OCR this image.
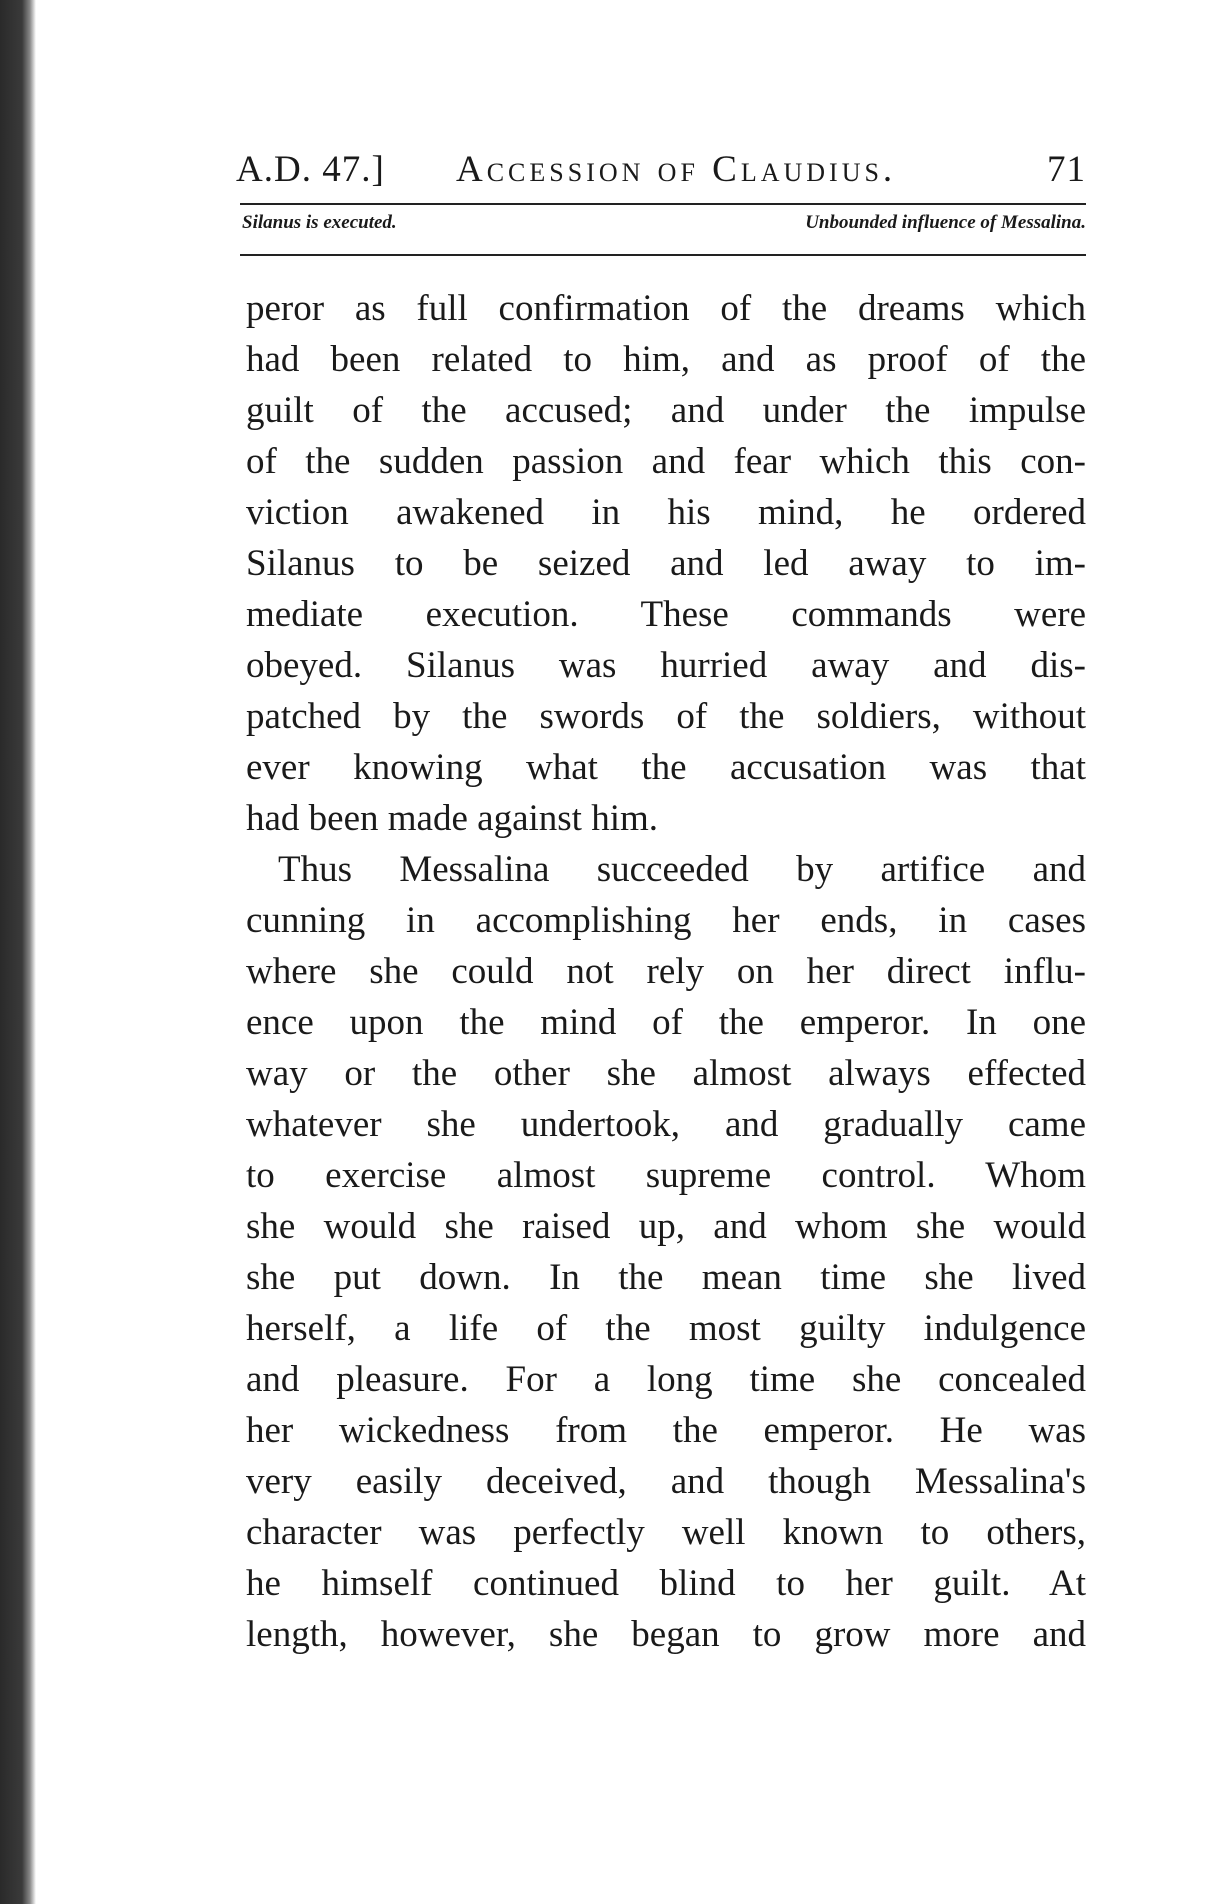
A.D. 47.] Accession of Claudius.	71
Silanus is executed.	Unbounded influence of Messalina.
peror as full confirmation of the dreams which
had been related to him, and as proof of the
guilt of the accused; and under the impulse
of the sudden passion and fear which this con-
viction awakened in his mind, he ordered
Silanus to be seized and led away to im-
mediate execution. These commands were
obeyed. Silanus was hurried away and dis-
patched by the swords of the soldiers, without
ever knowing what the accusation was that
had been made against him.
Thus Messalina succeeded by artifice and
cunning in accomplishing her ends, in cases
where she could not rely on her direct influ-
ence upon the mind of the emperor. In one
way or the other she almost always effected
whatever she undertook, and gradually came
to exercise almost supreme control. Whom
she would she raised up, and whom she would
she put down. In the mean time she lived
herself, a life of the most guilty indulgence
and pleasure. For a long time she concealed
her wickedness from the emperor. He was
very easily deceived, and though Messalina's
character was perfectly well known to others,
he himself continued blind to her guilt. At
length, however, she began to grow more and
